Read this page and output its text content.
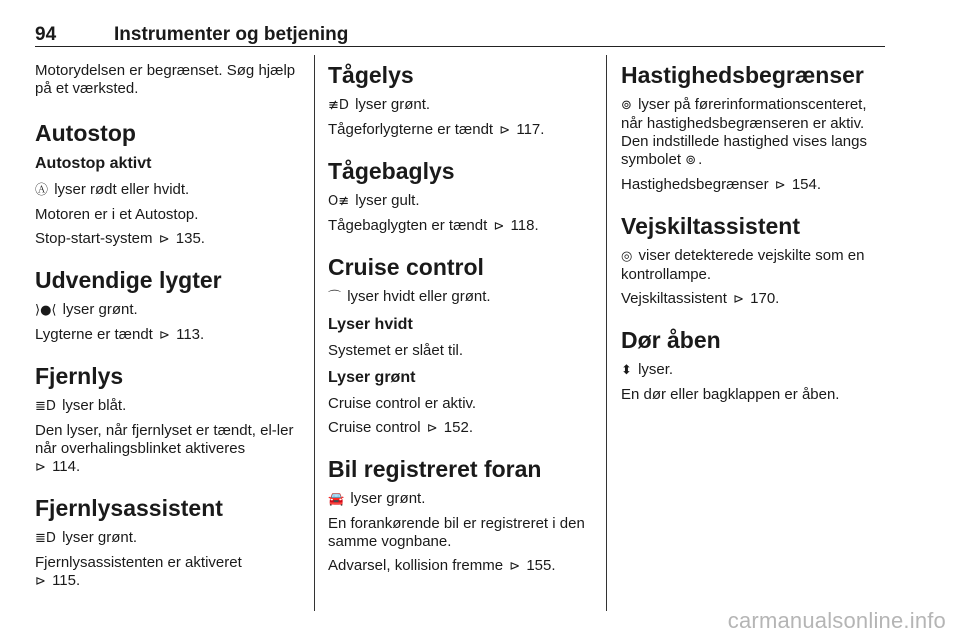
94	Instrumenter og betjening

Motorydelsen er begrænset. Søg hjælp på et værksted.

Autostop
Autostop aktivt

Ⓐ lyser rødt eller hvidt.

Motoren er i et Autostop.

Stop-start-system ⊳ 135.

Udvendige lygter

⟩●⟨ lyser grønt.

Lygterne er tændt ⊳ 113.

Fjernlys

≣D lyser blåt.

Den lyser, når fjernlyset er tændt, el-ler når overhalingsblinket aktiveres
⊳ 114.

Fjernlysassistent

≣D lyser grønt.

Fjernlysassistenten er aktiveret
⊳ 115.

Tågelys

≢D lyser grønt.

Tågeforlygterne er tændt ⊳ 117.

Tågebaglys

O≢ lyser gult.

Tågebaglygten er tændt ⊳ 118.

Cruise control

⌒ lyser hvidt eller grønt.

Lyser hvidt

Systemet er slået til.

Lyser grønt

Cruise control er aktiv.

Cruise control ⊳ 152.

Bil registreret foran

🚘 lyser grønt.

En forankørende bil er registreret i den samme vognbane.

Advarsel, kollision fremme ⊳ 155.

Hastighedsbegrænser

⊚ lyser på førerinformationscenteret, når hastighedsbegrænseren er aktiv. Den indstillede hastighed vises langs symbolet ⊚ .

Hastighedsbegrænser ⊳ 154.

Vejskiltassistent

◎ viser detekterede vejskilte som en kontrollampe.

Vejskiltassistent ⊳ 170.

Dør åben

⬍ lyser.

En dør eller bagklappen er åben.

carmanualsonline.info
